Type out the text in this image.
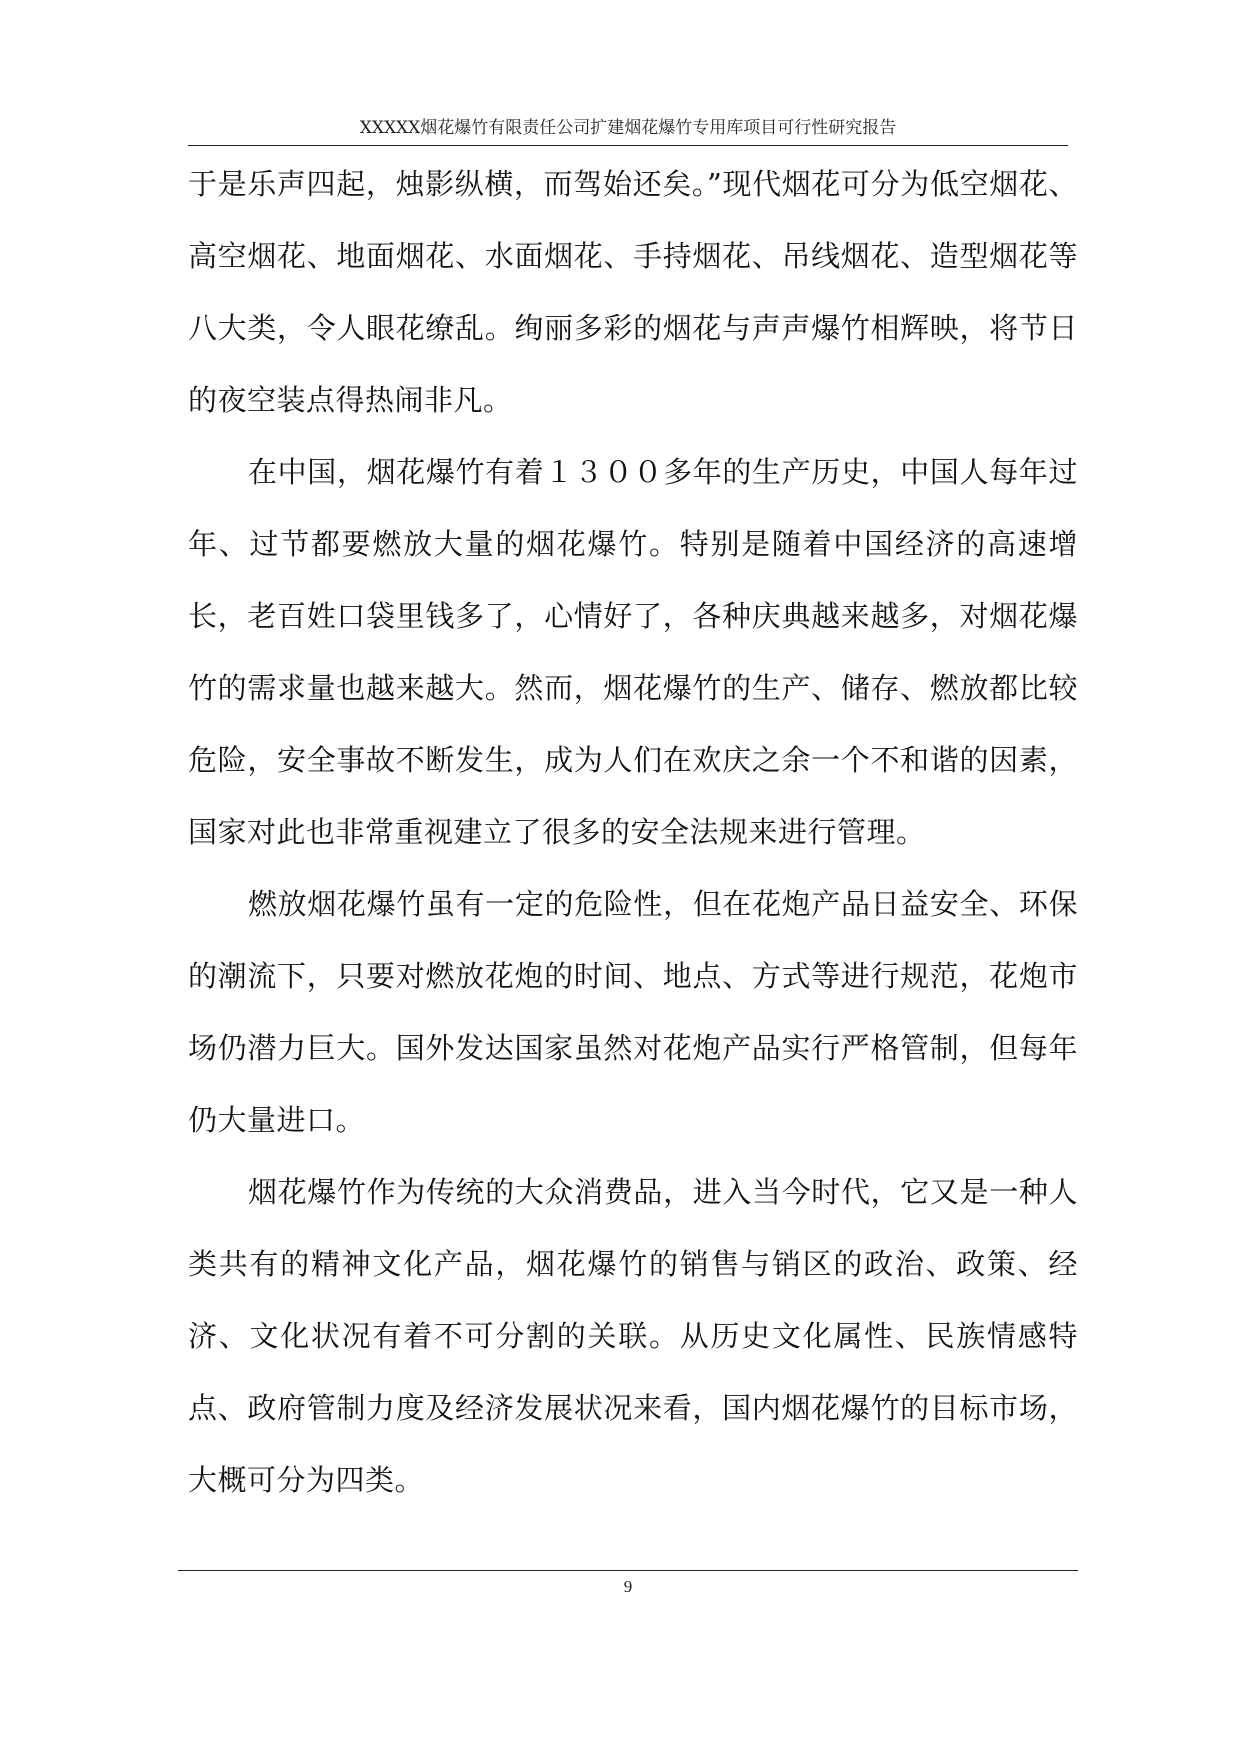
XXXXX烟花爆竹有限责任公司扩建烟花爆竹专用库项目可行性研究报告

于是乐声四起，烛影纵横，而驾始还矣。”现代烟花可分为低空烟花、高空烟花、地面烟花、水面烟花、手持烟花、吊线烟花、造型烟花等八大类，令人眼花缭乱。绚丽多彩的烟花与声声爆竹相辉映，将节日的夜空装点得热闹非凡。

在中国，烟花爆竹有着１３００多年的生产历史，中国人每年过年、过节都要燃放大量的烟花爆竹。特别是随着中国经济的高速增长，老百姓口袋里钱多了，心情好了，各种庆典越来越多，对烟花爆竹的需求量也越来越大。然而，烟花爆竹的生产、储存、燃放都比较危险，安全事故不断发生，成为人们在欢庆之余一个不和谐的因素，国家对此也非常重视建立了很多的安全法规来进行管理。

燃放烟花爆竹虽有一定的危险性，但在花炮产品日益安全、环保的潮流下，只要对燃放花炮的时间、地点、方式等进行规范，花炮市场仍潜力巨大。国外发达国家虽然对花炮产品实行严格管制，但每年仍大量进口。

烟花爆竹作为传统的大众消费品，进入当今时代，它又是一种人类共有的精神文化产品，烟花爆竹的销售与销区的政治、政策、经济、文化状况有着不可分割的关联。从历史文化属性、民族情感特点、政府管制力度及经济发展状况来看，国内烟花爆竹的目标市场，大概可分为四类。

9
